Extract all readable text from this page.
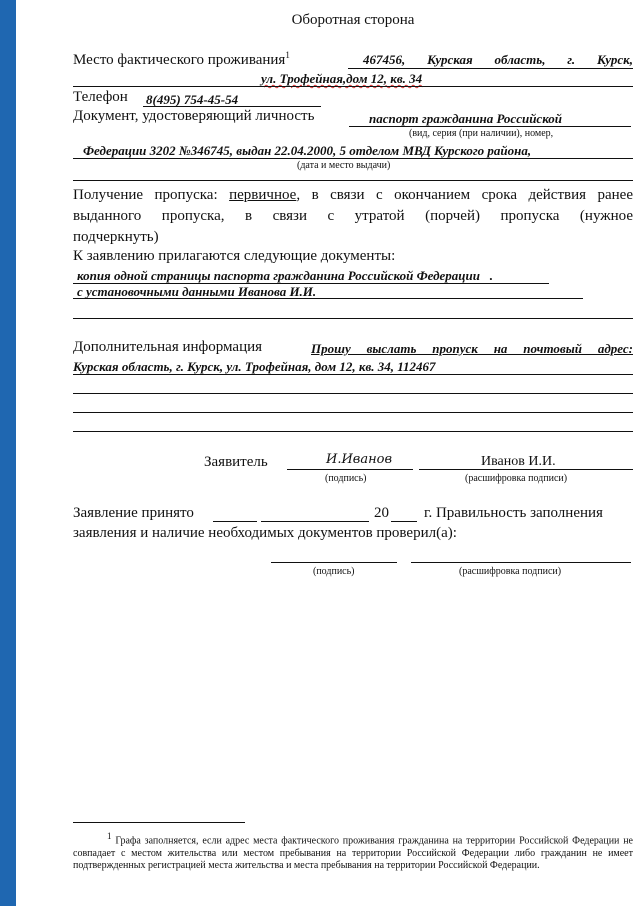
Оборотная сторона
Место фактического проживания$^1$	467456, Курская область, г. Курск,
ул. Трофейная,дом 12, кв. 34
Телефон	8(495) 754-45-54
Документ, удостоверяющий личность	паспорт гражданина Российской
(вид, серия (при наличии), номер,
Федерации 3202 №346745, выдан 22.04.2000, 5 отделом МВД Курского района,
(дата и место выдачи)
Получение пропуска: первичное, в связи с окончанием срока действия ранее
выданного пропуска, в связи с утратой (порчей) пропуска (нужное
подчеркнуть)
К заявлению прилагаются следующие документы:
копия одной страницы паспорта гражданина Российской Федерации .
с установочными данными Иванова И.И.
Дополнительная информация	Прошу выслать пропуск на почтовый адрес:
Курская область, г. Курск, ул. Трофейная, дом 12, кв. 34, 112467
Заявитель	И.Иванов
(подпись)
Иванов И.И.
(расшифровка подписи)
Заявление принято	20 г. Правильность заполнения
заявления и наличие необходимых документов проверил(а):
(подпись)	(расшифровка подписи)
$^1$ Графа заполняется, если адрес места фактического проживания гражданина на территории Российской Федерации не совпадает с местом жительства или местом пребывания на территории Российской Федерации либо гражданин не имеет подтвержденных регистрацией места жительства и места пребывания на территории Российской Федерации.
